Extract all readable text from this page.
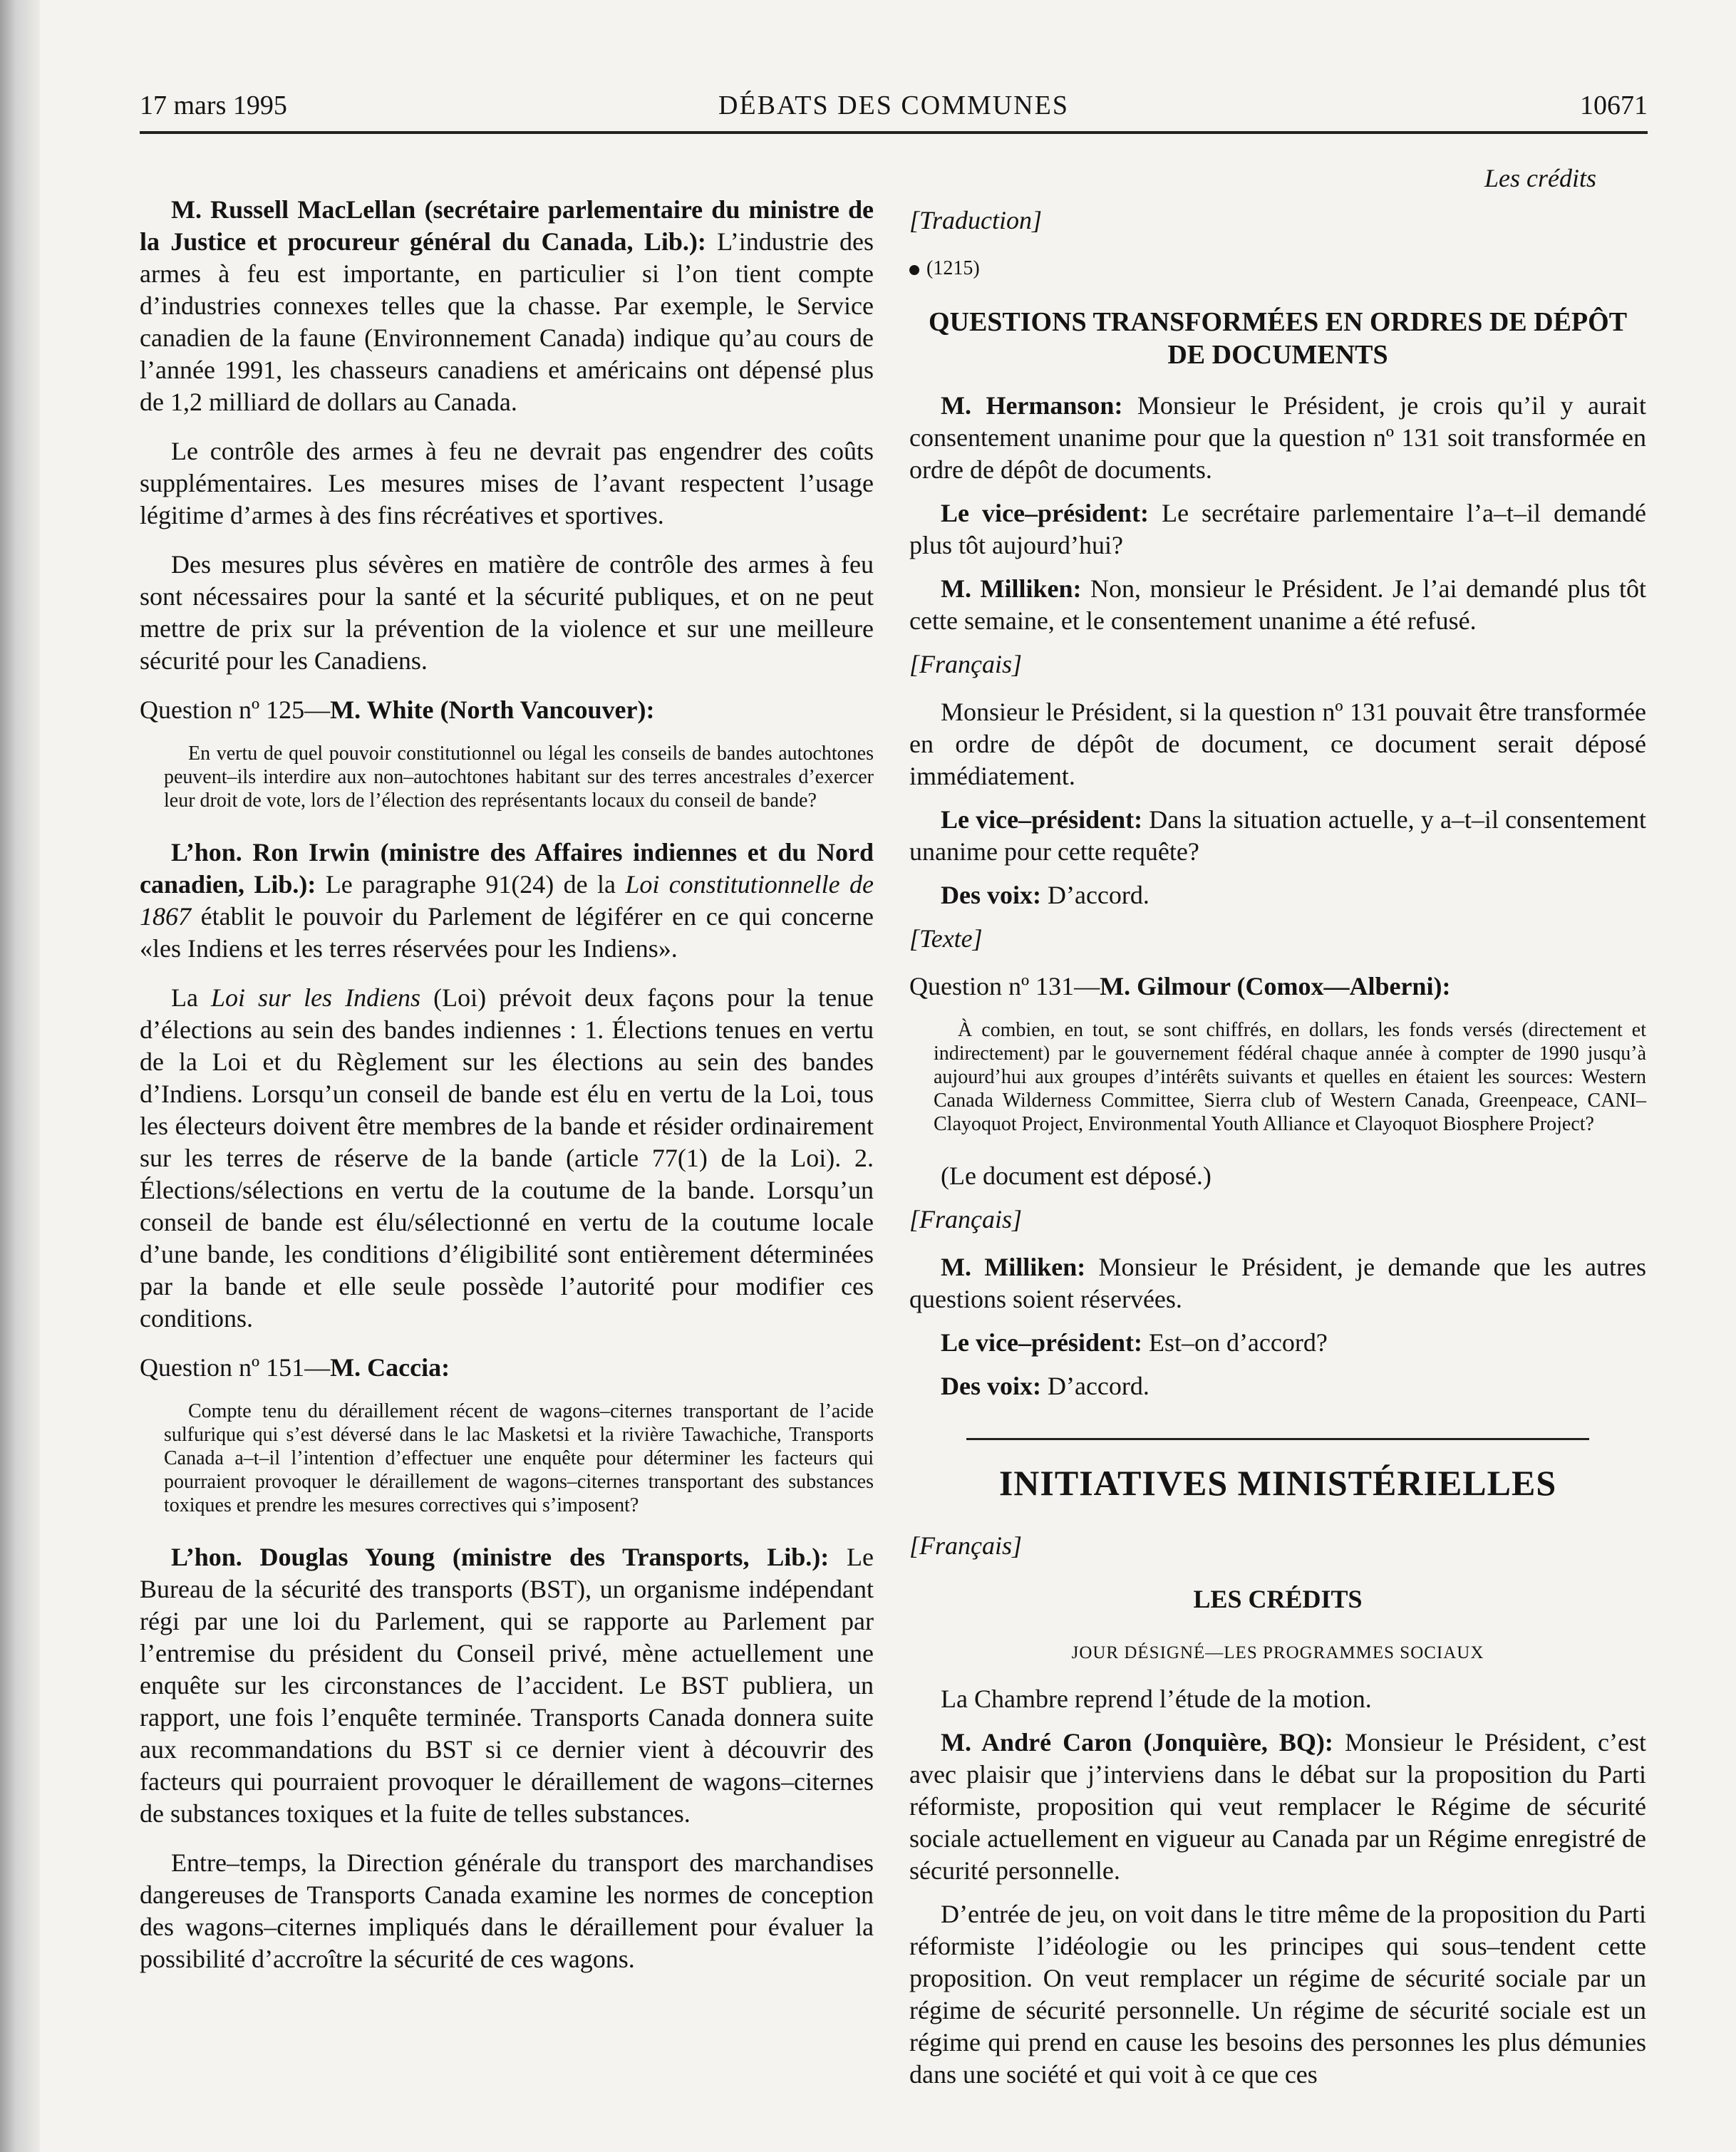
17 mars 1995	DÉBATS DES COMMUNES	10671

M. Russell MacLellan (secrétaire parlementaire du ministre de la Justice et procureur général du Canada, Lib.): L’industrie des armes à feu est importante, en particulier si l’on tient compte d’industries connexes telles que la chasse. Par exemple, le Service canadien de la faune (Environnement Canada) indique qu’au cours de l’année 1991, les chasseurs canadiens et américains ont dépensé plus de 1,2 milliard de dollars au Canada.

Le contrôle des armes à feu ne devrait pas engendrer des coûts supplémentaires. Les mesures mises de l’avant respectent l’usage légitime d’armes à des fins récréatives et sportives.

Des mesures plus sévères en matière de contrôle des armes à feu sont nécessaires pour la santé et la sécurité publiques, et on ne peut mettre de prix sur la prévention de la violence et sur une meilleure sécurité pour les Canadiens.

Question nº 125—M. White (North Vancouver):

En vertu de quel pouvoir constitutionnel ou légal les conseils de bandes autochtones peuvent–ils interdire aux non–autochtones habitant sur des terres ancestrales d’exercer leur droit de vote, lors de l’élection des représentants locaux du conseil de bande?

L’hon. Ron Irwin (ministre des Affaires indiennes et du Nord canadien, Lib.): Le paragraphe 91(24) de la Loi constitutionnelle de 1867 établit le pouvoir du Parlement de légiférer en ce qui concerne «les Indiens et les terres réservées pour les Indiens».

La Loi sur les Indiens (Loi) prévoit deux façons pour la tenue d’élections au sein des bandes indiennes : 1. Élections tenues en vertu de la Loi et du Règlement sur les élections au sein des bandes d’Indiens. Lorsqu’un conseil de bande est élu en vertu de la Loi, tous les électeurs doivent être membres de la bande et résider ordinairement sur les terres de réserve de la bande (article 77(1) de la Loi). 2. Élections/sélections en vertu de la coutume de la bande. Lorsqu’un conseil de bande est élu/sélectionné en vertu de la coutume locale d’une bande, les conditions d’éligibilité sont entièrement déterminées par la bande et elle seule possède l’autorité pour modifier ces conditions.

Question nº 151—M. Caccia:

Compte tenu du déraillement récent de wagons–citernes transportant de l’acide sulfurique qui s’est déversé dans le lac Masketsi et la rivière Tawachiche, Transports Canada a–t–il l’intention d’effectuer une enquête pour déterminer les facteurs qui pourraient provoquer le déraillement de wagons–citernes transportant des substances toxiques et prendre les mesures correctives qui s’imposent?

L’hon. Douglas Young (ministre des Transports, Lib.): Le Bureau de la sécurité des transports (BST), un organisme indépendant régi par une loi du Parlement, qui se rapporte au Parlement par l’entremise du président du Conseil privé, mène actuellement une enquête sur les circonstances de l’accident. Le BST publiera, un rapport, une fois l’enquête terminée. Transports Canada donnera suite aux recommandations du BST si ce dernier vient à découvrir des facteurs qui pourraient provoquer le déraillement de wagons–citernes de substances toxiques et la fuite de telles substances.

Entre–temps, la Direction générale du transport des marchandises dangereuses de Transports Canada examine les normes de conception des wagons–citernes impliqués dans le déraillement pour évaluer la possibilité d’accroître la sécurité de ces wagons.

Les crédits
[Traduction]
(1215)
QUESTIONS TRANSFORMÉES EN ORDRES DE DÉPÔT DE DOCUMENTS

M. Hermanson: Monsieur le Président, je crois qu’il y aurait consentement unanime pour que la question nº 131 soit transformée en ordre de dépôt de documents.

Le vice–président: Le secrétaire parlementaire l’a–t–il demandé plus tôt aujourd’hui?

M. Milliken: Non, monsieur le Président. Je l’ai demandé plus tôt cette semaine, et le consentement unanime a été refusé.

[Français]

Monsieur le Président, si la question nº 131 pouvait être transformée en ordre de dépôt de document, ce document serait déposé immédiatement.

Le vice–président: Dans la situation actuelle, y a–t–il consentement unanime pour cette requête?

Des voix: D’accord.

[Texte]
Question nº 131—M. Gilmour (Comox—Alberni):

À combien, en tout, se sont chiffrés, en dollars, les fonds versés (directement et indirectement) par le gouvernement fédéral chaque année à compter de 1990 jusqu’à aujourd’hui aux groupes d’intérêts suivants et quelles en étaient les sources: Western Canada Wilderness Committee, Sierra club of Western Canada, Greenpeace, CANI–Clayoquot Project, Environmental Youth Alliance et Clayoquot Biosphere Project?

(Le document est déposé.)

[Français]

M. Milliken: Monsieur le Président, je demande que les autres questions soient réservées.

Le vice–président: Est–on d’accord?

Des voix: D’accord.

INITIATIVES MINISTÉRIELLES
[Français]
LES CRÉDITS
JOUR DÉSIGNÉ—LES PROGRAMMES SOCIAUX

La Chambre reprend l’étude de la motion.

M. André Caron (Jonquière, BQ): Monsieur le Président, c’est avec plaisir que j’interviens dans le débat sur la proposition du Parti réformiste, proposition qui veut remplacer le Régime de sécurité sociale actuellement en vigueur au Canada par un Régime enregistré de sécurité personnelle.

D’entrée de jeu, on voit dans le titre même de la proposition du Parti réformiste l’idéologie ou les principes qui sous–tendent cette proposition. On veut remplacer un régime de sécurité sociale par un régime de sécurité personnelle. Un régime de sécurité sociale est un régime qui prend en cause les besoins des personnes les plus démunies dans une société et qui voit à ce que ces
